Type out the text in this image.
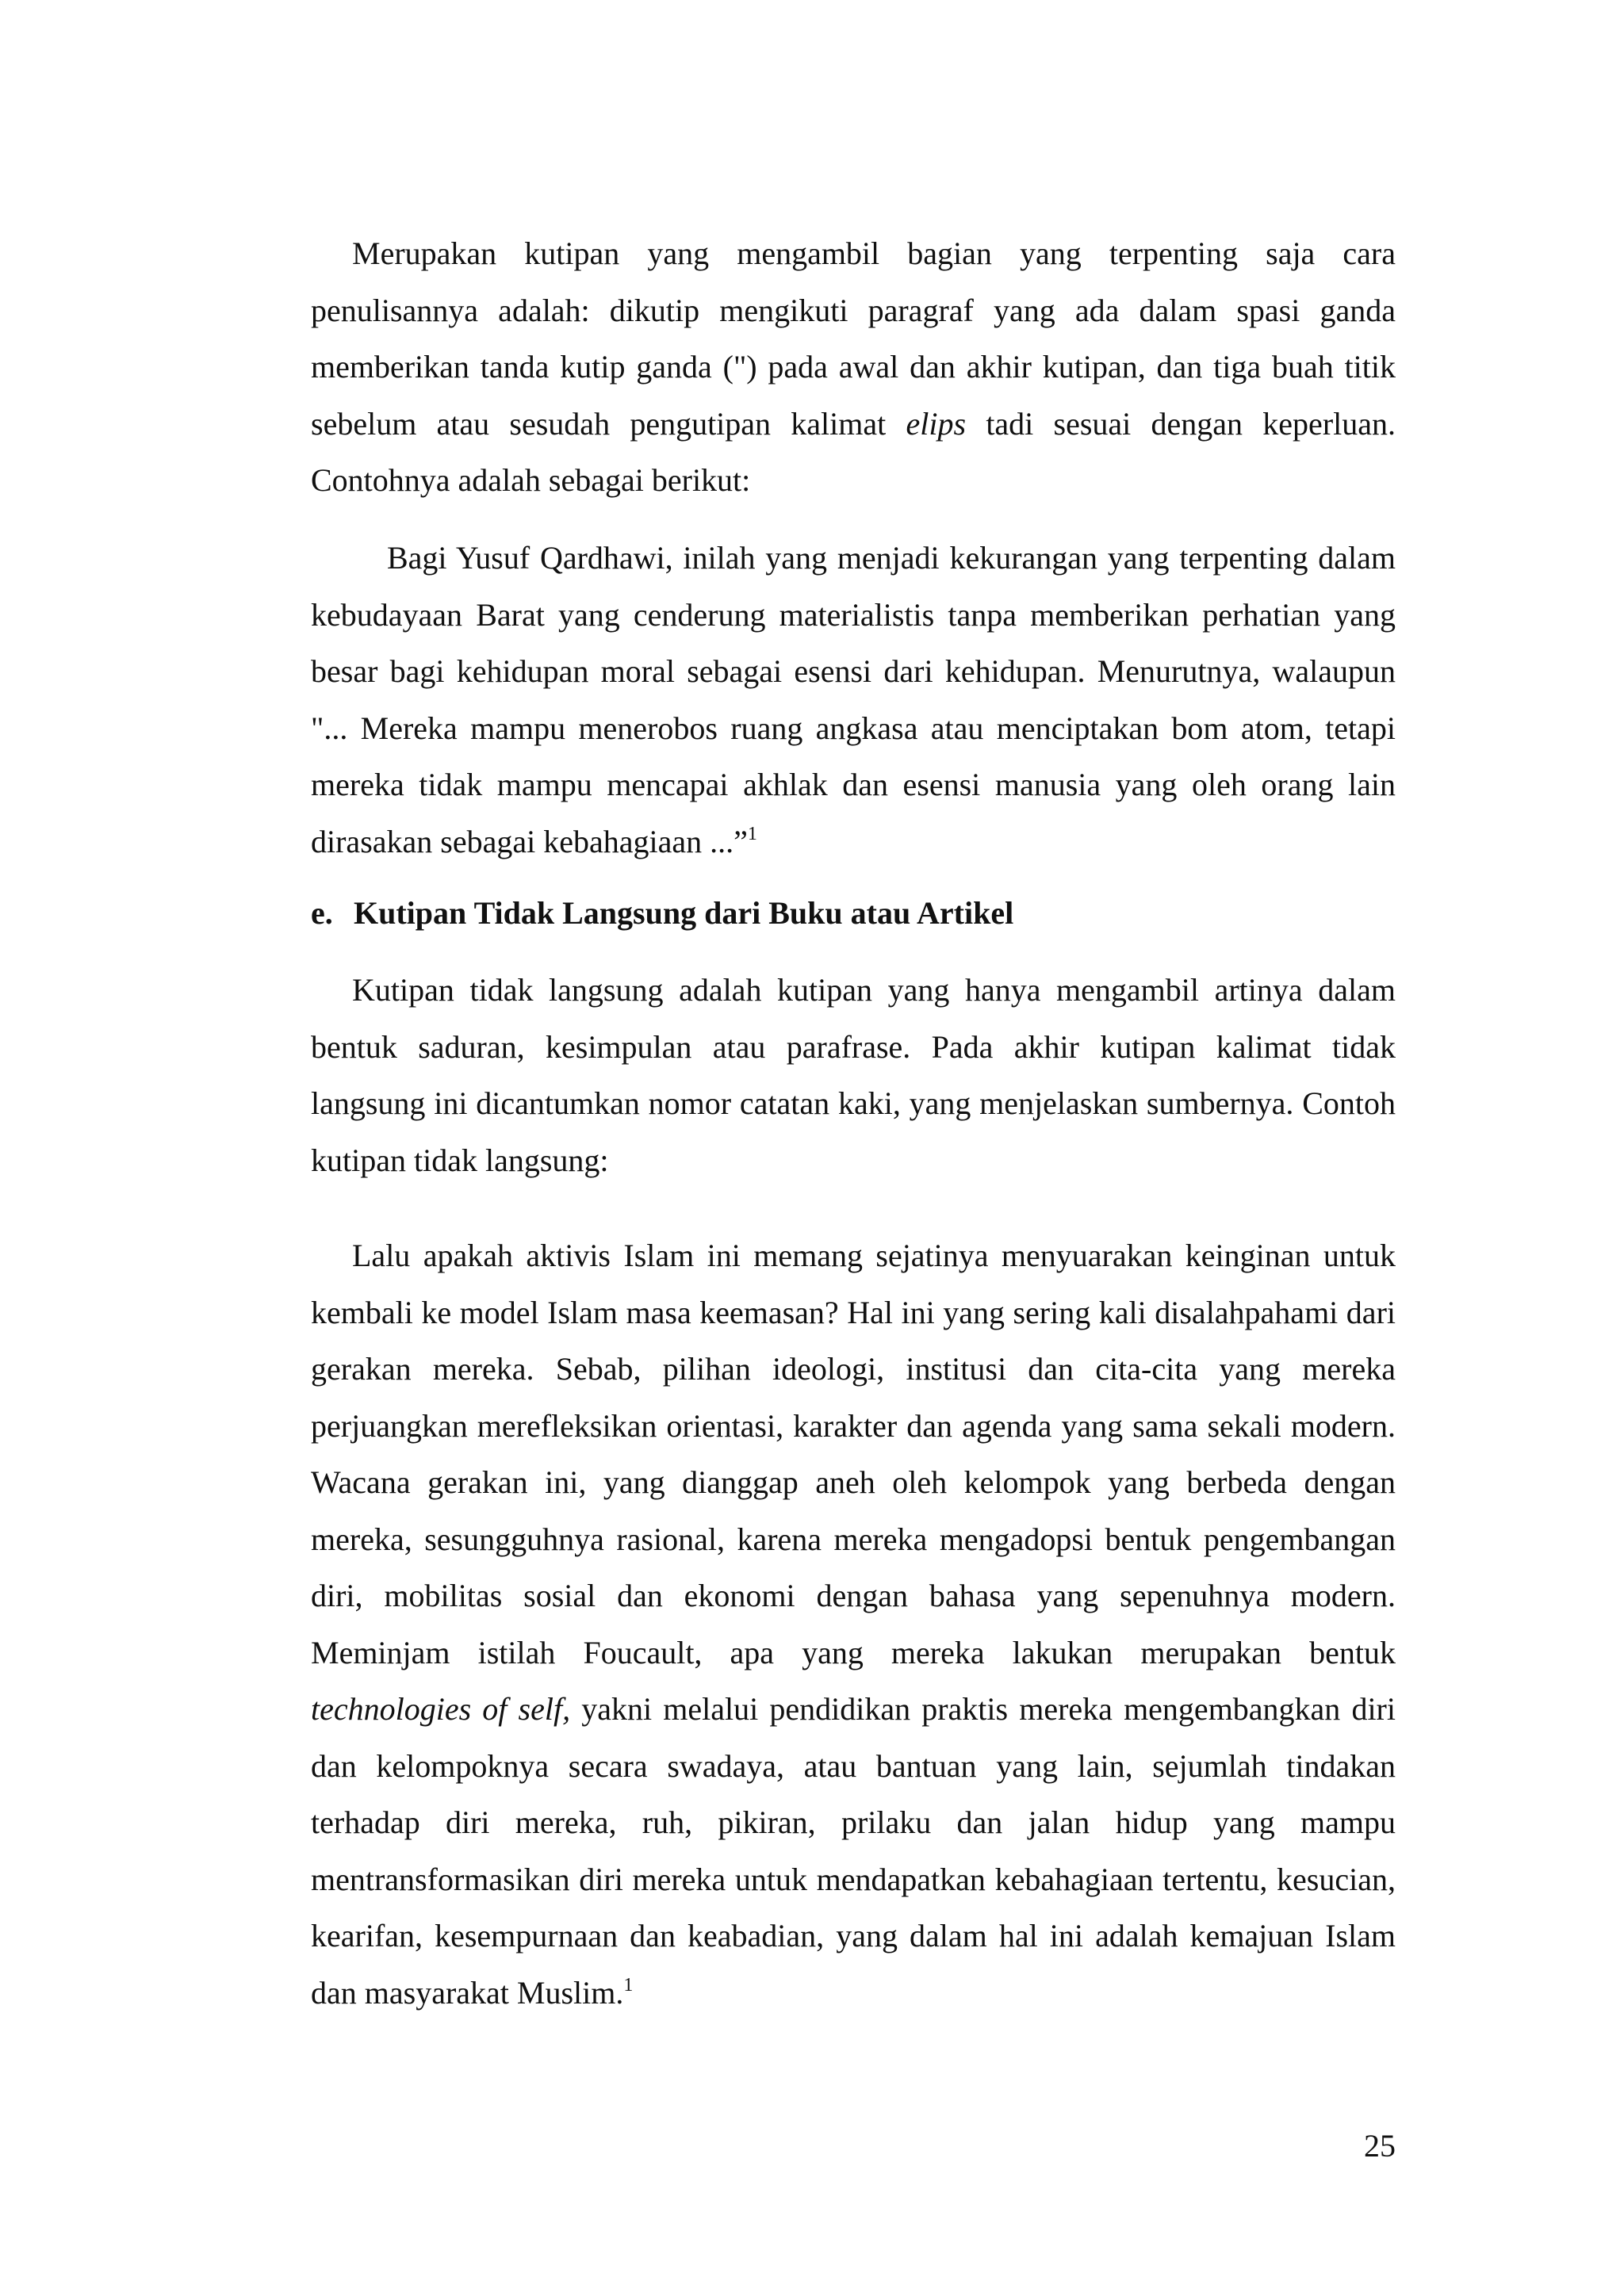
Merupakan kutipan yang mengambil bagian yang terpenting saja cara penulisannya adalah: dikutip mengikuti paragraf yang ada dalam spasi ganda memberikan tanda kutip ganda (") pada awal dan akhir kutipan, dan tiga buah titik sebelum atau sesudah pengutipan kalimat elips tadi sesuai dengan keperluan. Contohnya adalah sebagai berikut:

Bagi Yusuf Qardhawi, inilah yang menjadi kekurangan yang terpenting dalam kebudayaan Barat yang cenderung materialistis tanpa memberikan perhatian yang besar bagi kehidupan moral sebagai esensi dari kehidupan. Menurutnya, walaupun "... Mereka mampu menerobos ruang angkasa atau menciptakan bom atom, tetapi mereka tidak mampu mencapai akhlak dan esensi manusia yang oleh orang lain dirasakan sebagai kebahagiaan ...”$^1$

e. Kutipan Tidak Langsung dari Buku atau Artikel

Kutipan tidak langsung adalah kutipan yang hanya mengambil artinya dalam bentuk saduran, kesimpulan atau parafrase. Pada akhir kutipan kalimat tidak langsung ini dicantumkan nomor catatan kaki, yang menjelaskan sumbernya. Contoh kutipan tidak langsung:

Lalu apakah aktivis Islam ini memang sejatinya menyuarakan keinginan untuk kembali ke model Islam masa keemasan? Hal ini yang sering kali disalahpahami dari gerakan mereka. Sebab, pilihan ideologi, institusi dan cita-cita yang mereka perjuangkan merefleksikan orientasi, karakter dan agenda yang sama sekali modern. Wacana gerakan ini, yang dianggap aneh oleh kelompok yang berbeda dengan mereka, sesungguhnya rasional, karena mereka mengadopsi bentuk pengembangan diri, mobilitas sosial dan ekonomi dengan bahasa yang sepenuhnya modern. Meminjam istilah Foucault, apa yang mereka lakukan merupakan bentuk technologies of self, yakni melalui pendidikan praktis mereka mengembangkan diri dan kelompoknya secara swadaya, atau bantuan yang lain, sejumlah tindakan terhadap diri mereka, ruh, pikiran, prilaku dan jalan hidup yang mampu mentransformasikan diri mereka untuk mendapatkan kebahagiaan tertentu, kesucian, kearifan, kesempurnaan dan keabadian, yang dalam hal ini adalah kemajuan Islam dan masyarakat Muslim.$^1$

25
